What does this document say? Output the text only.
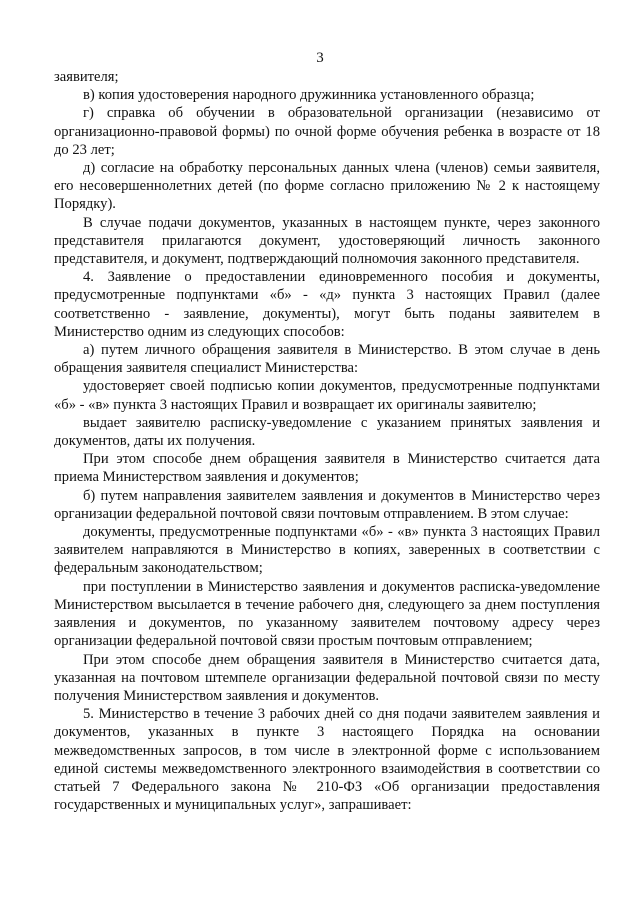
3

заявителя;

в) копия удостоверения народного дружинника установленного образца;

г) справка об обучении в образовательной организации (независимо от организационно-правовой формы) по очной форме обучения ребенка в возрасте от 18 до 23 лет;

д) согласие на обработку персональных данных члена (членов) семьи заявителя, его несовершеннолетних детей (по форме согласно приложению № 2 к настоящему Порядку).

В случае подачи документов, указанных в настоящем пункте, через законного представителя прилагаются документ, удостоверяющий личность законного представителя, и документ, подтверждающий полномочия законного представителя.

4. Заявление о предоставлении единовременного пособия и документы, предусмотренные подпунктами «б» - «д» пункта 3 настоящих Правил (далее соответственно - заявление, документы), могут быть поданы заявителем в Министерство одним из следующих способов:

а) путем личного обращения заявителя в Министерство. В этом случае в день обращения заявителя специалист Министерства:

удостоверяет своей подписью копии документов, предусмотренные подпунктами «б» - «в» пункта 3 настоящих Правил и возвращает их оригиналы заявителю;

выдает заявителю расписку-уведомление с указанием принятых заявления и документов, даты их получения.

При этом способе днем обращения заявителя в Министерство считается дата приема Министерством заявления и документов;

б) путем направления заявителем заявления и документов в Министерство через организации федеральной почтовой связи почтовым отправлением. В этом случае:

документы, предусмотренные подпунктами «б» - «в» пункта 3 настоящих Правил заявителем направляются в Министерство в копиях, заверенных в соответствии с федеральным законодательством;

при поступлении в Министерство заявления и документов расписка-уведомление Министерством высылается в течение рабочего дня, следующего за днем поступления заявления и документов, по указанному заявителем почтовому адресу через организации федеральной почтовой связи простым почтовым отправлением;

При этом способе днем обращения заявителя в Министерство считается дата, указанная на почтовом штемпеле организации федеральной почтовой связи по месту получения Министерством заявления и документов.

5. Министерство в течение 3 рабочих дней со дня подачи заявителем заявления и документов, указанных в пункте 3 настоящего Порядка на основании межведомственных запросов, в том числе в электронной форме с использованием единой системы межведомственного электронного взаимодействия в соответствии со статьей 7 Федерального закона № 210-ФЗ «Об организации предоставления государственных и муниципальных услуг», запрашивает:
